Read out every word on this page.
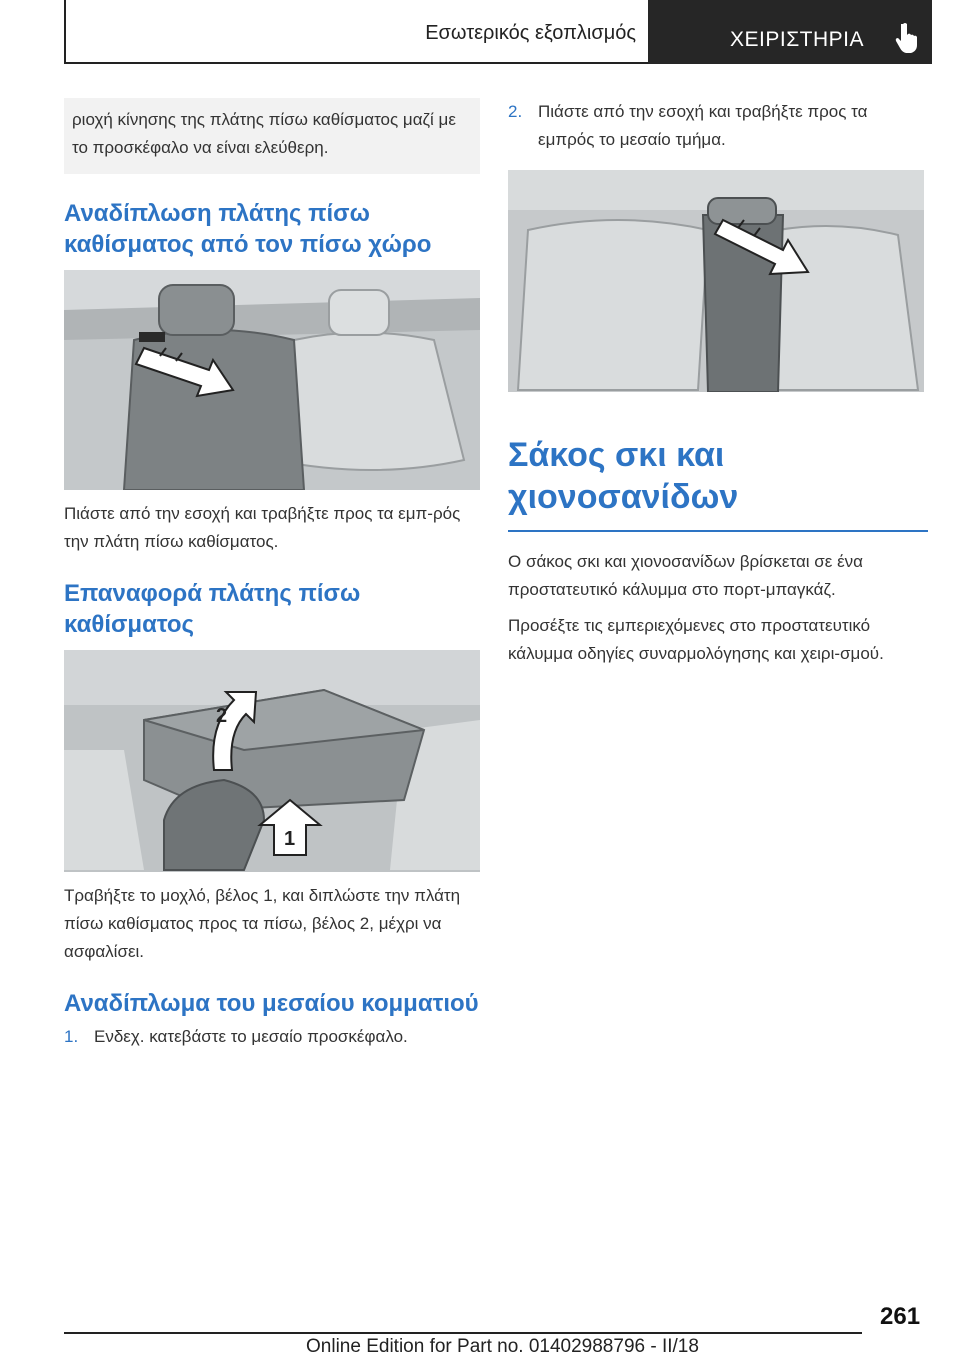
Εσωτερικός εξοπλισμός	ΧΕΙΡΙΣΤΗΡΙΑ
ριοχή κίνησης της πλάτης πίσω καθίσματος μαζί με το προσκέφαλο να είναι ελεύθερη.
Αναδίπλωση πλάτης πίσω καθίσματος από τον πίσω χώρο
Πιάστε από την εσοχή και τραβήξτε προς τα εμπ‐ρός την πλάτη πίσω καθίσματος.
Επαναφορά πλάτης πίσω καθίσματος
2
1
Τραβήξτε το μοχλό, βέλος 1, και διπλώστε την πλάτη πίσω καθίσματος προς τα πίσω, βέλος 2, μέχρι να ασφαλίσει.
Αναδίπλωμα του μεσαίου κομματιού
1. Ενδεχ. κατεβάστε το μεσαίο προσκέφαλο.
2. Πιάστε από την εσοχή και τραβήξτε προς τα εμπρός το μεσαίο τμήμα.
Σάκος σκι και χιονοσανίδων
Ο σάκος σκι και χιονοσανίδων βρίσκεται σε ένα προστατευτικό κάλυμμα στο πορτ-μπαγκάζ.
Προσέξτε τις εμπεριεχόμενες στο προστατευτικό κάλυμμα οδηγίες συναρμολόγησης και χειρι‐σμού.
261
Online Edition for Part no. 01402988796 - II/18
